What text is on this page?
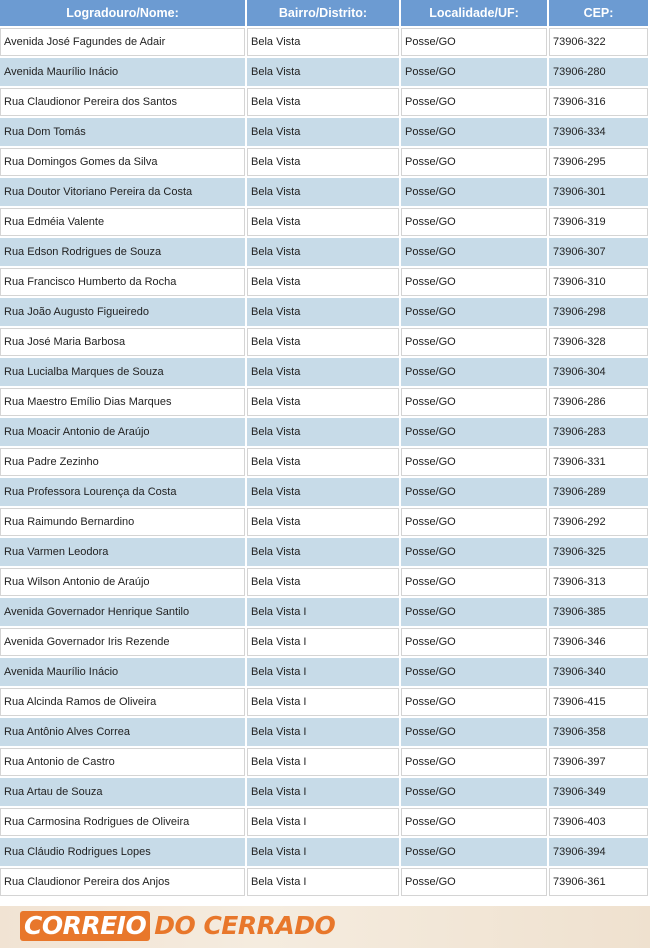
Logradouro/Nome:	Bairro/Distrito:	Localidade/UF:	CEP:
Avenida José Fagundes de Adair	Bela Vista	Posse/GO	73906-322
Avenida Maurílio Inácio	Bela Vista	Posse/GO	73906-280
Rua Claudionor Pereira dos Santos	Bela Vista	Posse/GO	73906-316
Rua Dom Tomás	Bela Vista	Posse/GO	73906-334
Rua Domingos Gomes da Silva	Bela Vista	Posse/GO	73906-295
Rua Doutor Vitoriano Pereira da Costa	Bela Vista	Posse/GO	73906-301
Rua Edméia Valente	Bela Vista	Posse/GO	73906-319
Rua Edson Rodrigues de Souza	Bela Vista	Posse/GO	73906-307
Rua Francisco Humberto da Rocha	Bela Vista	Posse/GO	73906-310
Rua João Augusto Figueiredo	Bela Vista	Posse/GO	73906-298
Rua José Maria Barbosa	Bela Vista	Posse/GO	73906-328
Rua Lucialba Marques de Souza	Bela Vista	Posse/GO	73906-304
Rua Maestro Emílio Dias Marques	Bela Vista	Posse/GO	73906-286
Rua Moacir Antonio de Araújo	Bela Vista	Posse/GO	73906-283
Rua Padre Zezinho	Bela Vista	Posse/GO	73906-331
Rua Professora Lourença da Costa	Bela Vista	Posse/GO	73906-289
Rua Raimundo Bernardino	Bela Vista	Posse/GO	73906-292
Rua Varmen Leodora	Bela Vista	Posse/GO	73906-325
Rua Wilson Antonio de Araújo	Bela Vista	Posse/GO	73906-313
Avenida Governador Henrique Santilo	Bela Vista I	Posse/GO	73906-385
Avenida Governador Iris Rezende	Bela Vista I	Posse/GO	73906-346
Avenida Maurílio Inácio	Bela Vista I	Posse/GO	73906-340
Rua Alcinda Ramos de Oliveira	Bela Vista I	Posse/GO	73906-415
Rua Antônio Alves Correa	Bela Vista I	Posse/GO	73906-358
Rua Antonio de Castro	Bela Vista I	Posse/GO	73906-397
Rua Artau de Souza	Bela Vista I	Posse/GO	73906-349
Rua Carmosina Rodrigues de Oliveira	Bela Vista I	Posse/GO	73906-403
Rua Cláudio Rodrigues Lopes	Bela Vista I	Posse/GO	73906-394
Rua Claudionor Pereira dos Anjos	Bela Vista I	Posse/GO	73906-361
CORREIO DO CERRADO
